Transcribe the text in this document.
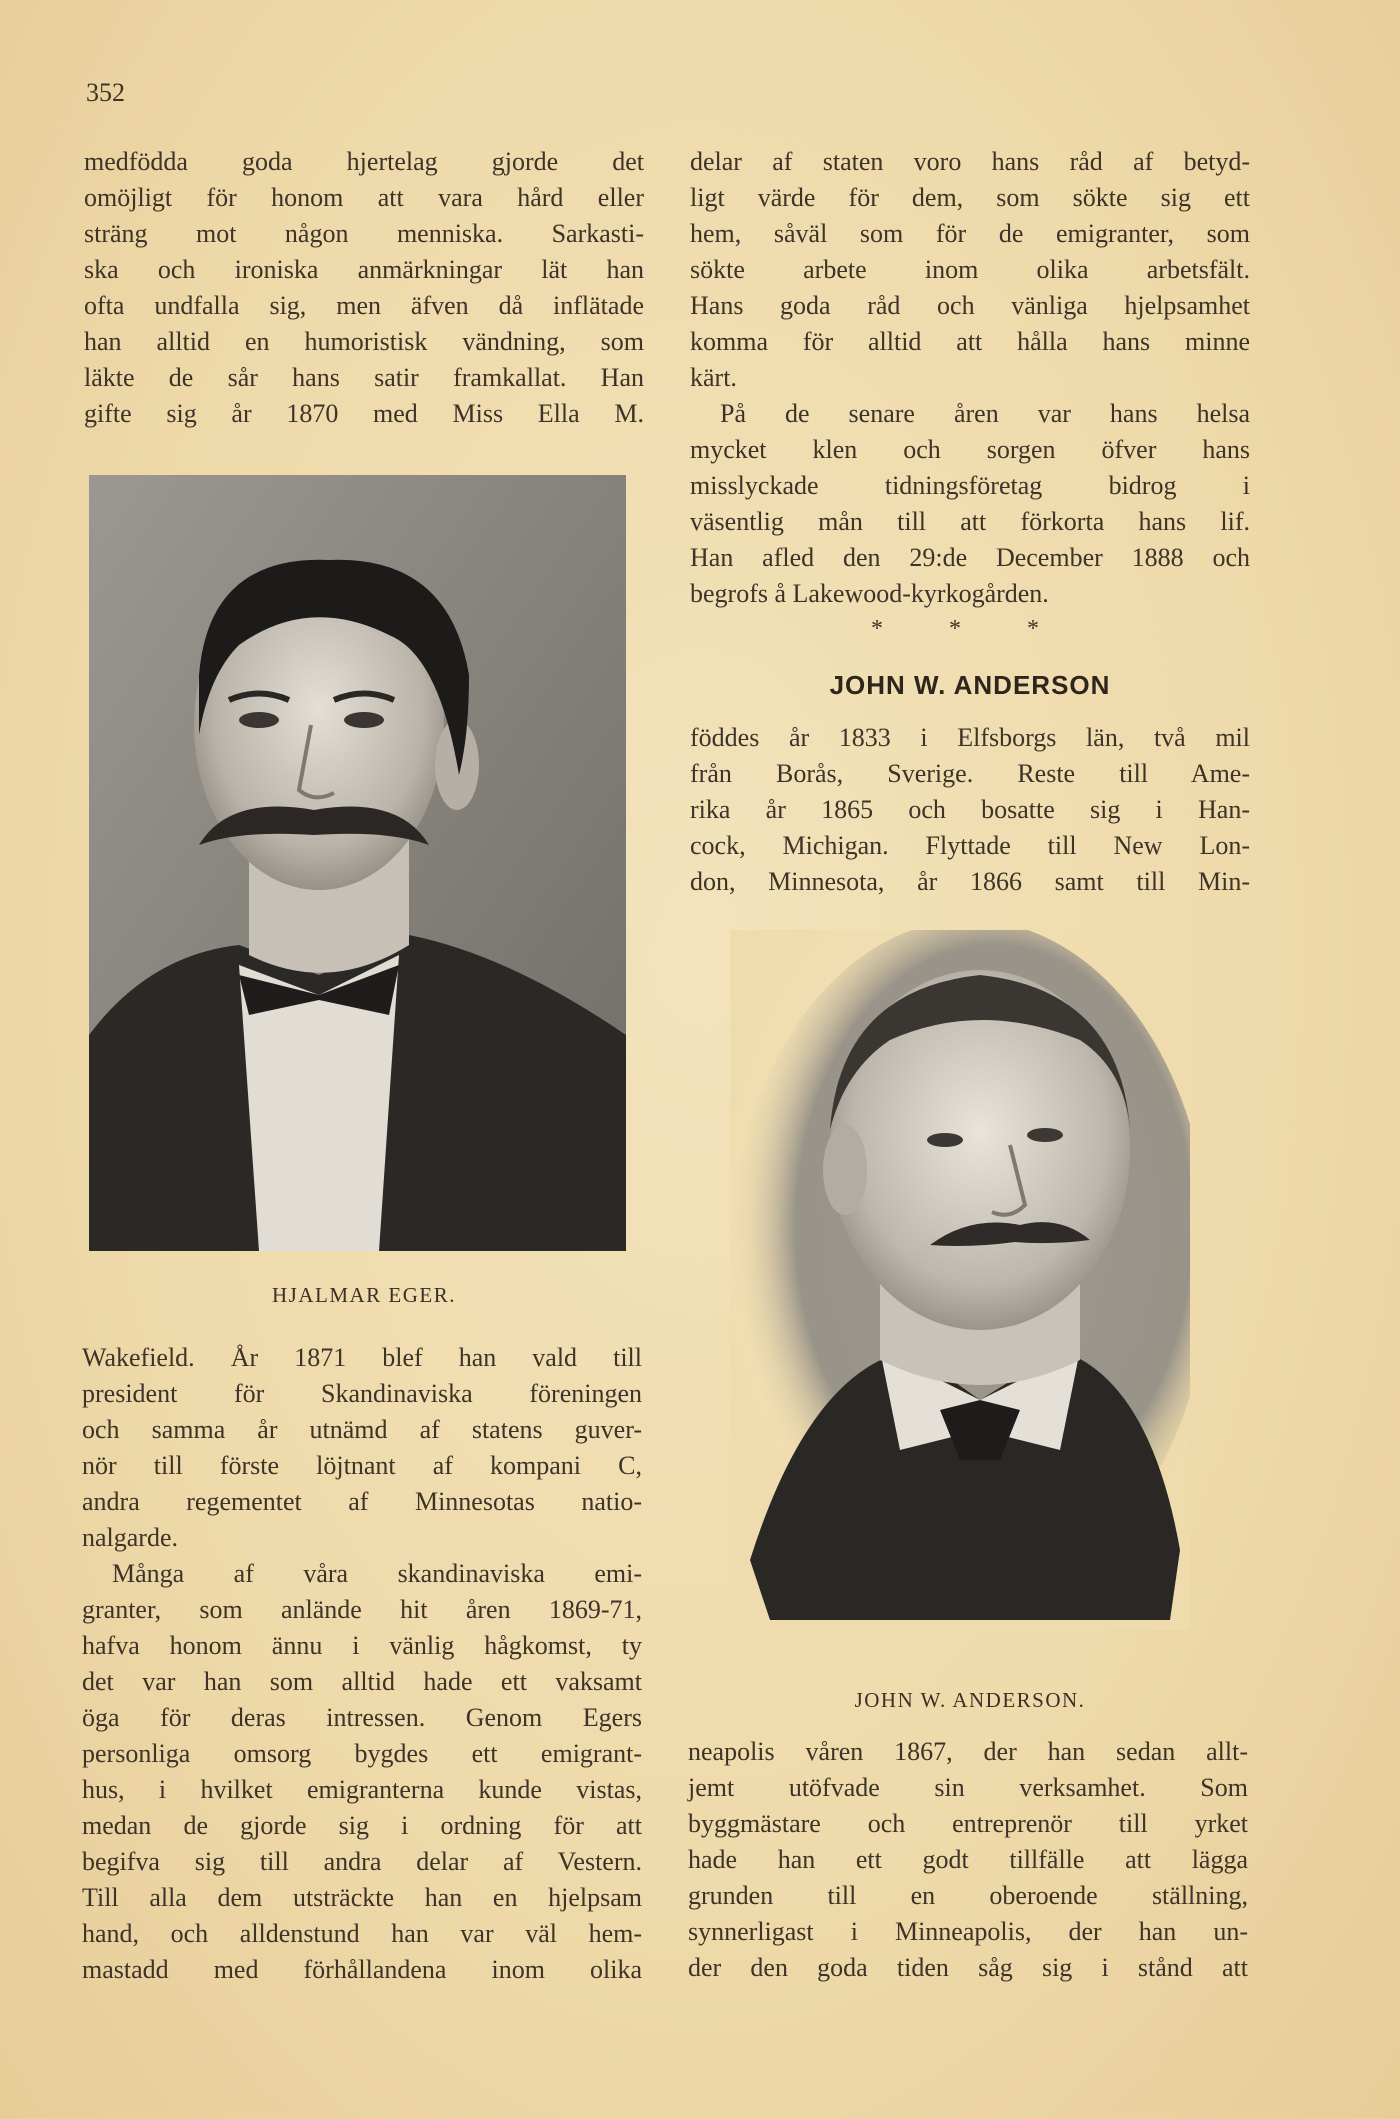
352

medfödda goda hjertelag gjorde det

omöjligt för honom att vara hård eller

sträng mot någon menniska. Sarkasti-

ska och ironiska anmärkningar lät han

ofta undfalla sig, men äfven då inflätade

han alltid en humoristisk vändning, som

läkte de sår hans satir framkallat. Han

gifte sig år 1870 med Miss Ella M.

HJALMAR EGER.

Wakefield. År 1871 blef han vald till

president för Skandinaviska föreningen

och samma år utnämd af statens guver-

nör till förste löjtnant af kompani C,

andra regementet af Minnesotas natio-

nalgarde.

Många af våra skandinaviska emi-

granter, som anlände hit åren 1869-71,

hafva honom ännu i vänlig hågkomst, ty

det var han som alltid hade ett vaksamt

öga för deras intressen. Genom Egers

personliga omsorg bygdes ett emigrant-

hus, i hvilket emigranterna kunde vistas,

medan de gjorde sig i ordning för att

begifva sig till andra delar af Vestern.

Till alla dem utsträckte han en hjelpsam

hand, och alldenstund han var väl hem-

mastadd med förhållandena inom olika

delar af staten voro hans råd af betyd-

ligt värde för dem, som sökte sig ett

hem, såväl som för de emigranter, som

sökte arbete inom olika arbetsfält.

Hans goda råd och vänliga hjelpsamhet

komma för alltid att hålla hans minne

kärt.

På de senare åren var hans helsa

mycket klen och sorgen öfver hans

misslyckade tidningsföretag bidrog i

väsentlig mån till att förkorta hans lif.

Han afled den 29:de December 1888 och

begrofs å Lakewood-kyrkogården.

* * *
JOHN W. ANDERSON

föddes år 1833 i Elfsborgs län, två mil

från Borås, Sverige. Reste till Ame-

rika år 1865 och bosatte sig i Han-

cock, Michigan. Flyttade till New Lon-

don, Minnesota, år 1866 samt till Min-

JOHN W. ANDERSON.

neapolis våren 1867, der han sedan allt-

jemt utöfvade sin verksamhet. Som

byggmästare och entreprenör till yrket

hade han ett godt tillfälle att lägga

grunden till en oberoende ställning,

synnerligast i Minneapolis, der han un-

der den goda tiden såg sig i stånd att
